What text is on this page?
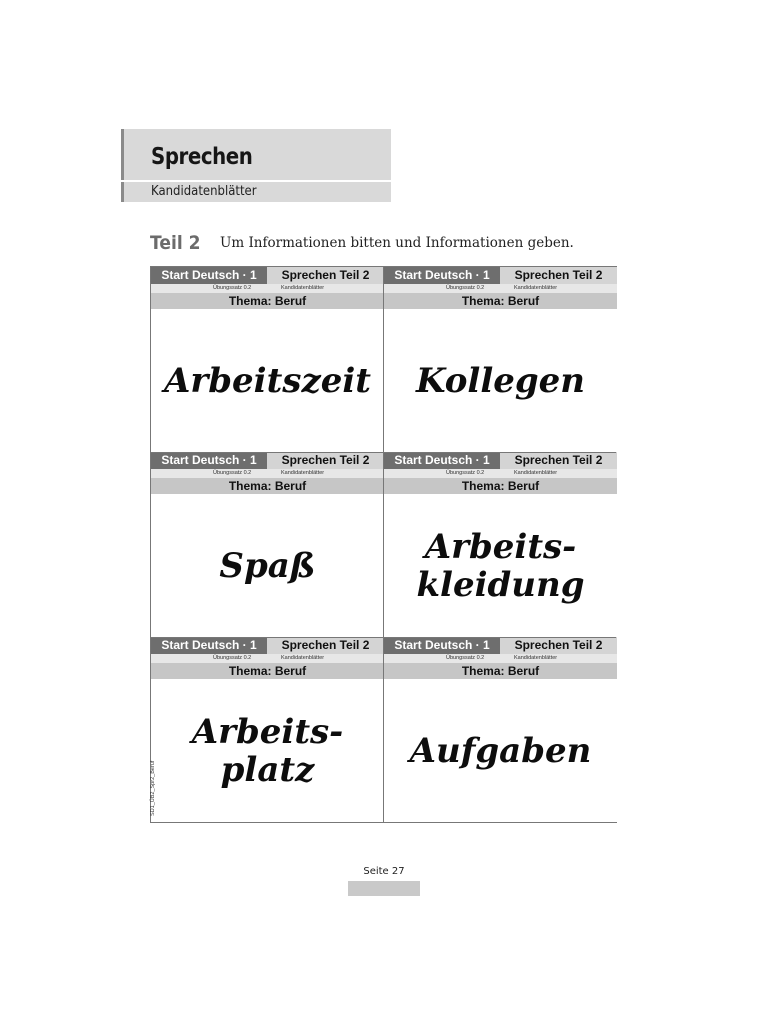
Sprechen
Kandidatenblätter
Teil 2 Um Informationen bitten und Informationen geben.
Start Deutsch · 1	Sprechen Teil 2
Übungssatz 0.2	Kandidatenblätter
Thema: Beruf
Arbeitszeit
Start Deutsch · 1	Sprechen Teil 2
Übungssatz 0.2	Kandidatenblätter
Thema: Beruf
Kollegen
Start Deutsch · 1	Sprechen Teil 2
Übungssatz 0.2	Kandidatenblätter
Thema: Beruf
Spaß
Start Deutsch · 1	Sprechen Teil 2
Übungssatz 0.2	Kandidatenblätter
Thema: Beruf
Arbeits-
kleidung
Start Deutsch · 1	Sprechen Teil 2
Übungssatz 0.2	Kandidatenblätter
Thema: Beruf
Arbeits-
platz
SD1_ÜB2_Spr2_Beruf
Start Deutsch · 1	Sprechen Teil 2
Übungssatz 0.2	Kandidatenblätter
Thema: Beruf
Aufgaben
Seite 27
